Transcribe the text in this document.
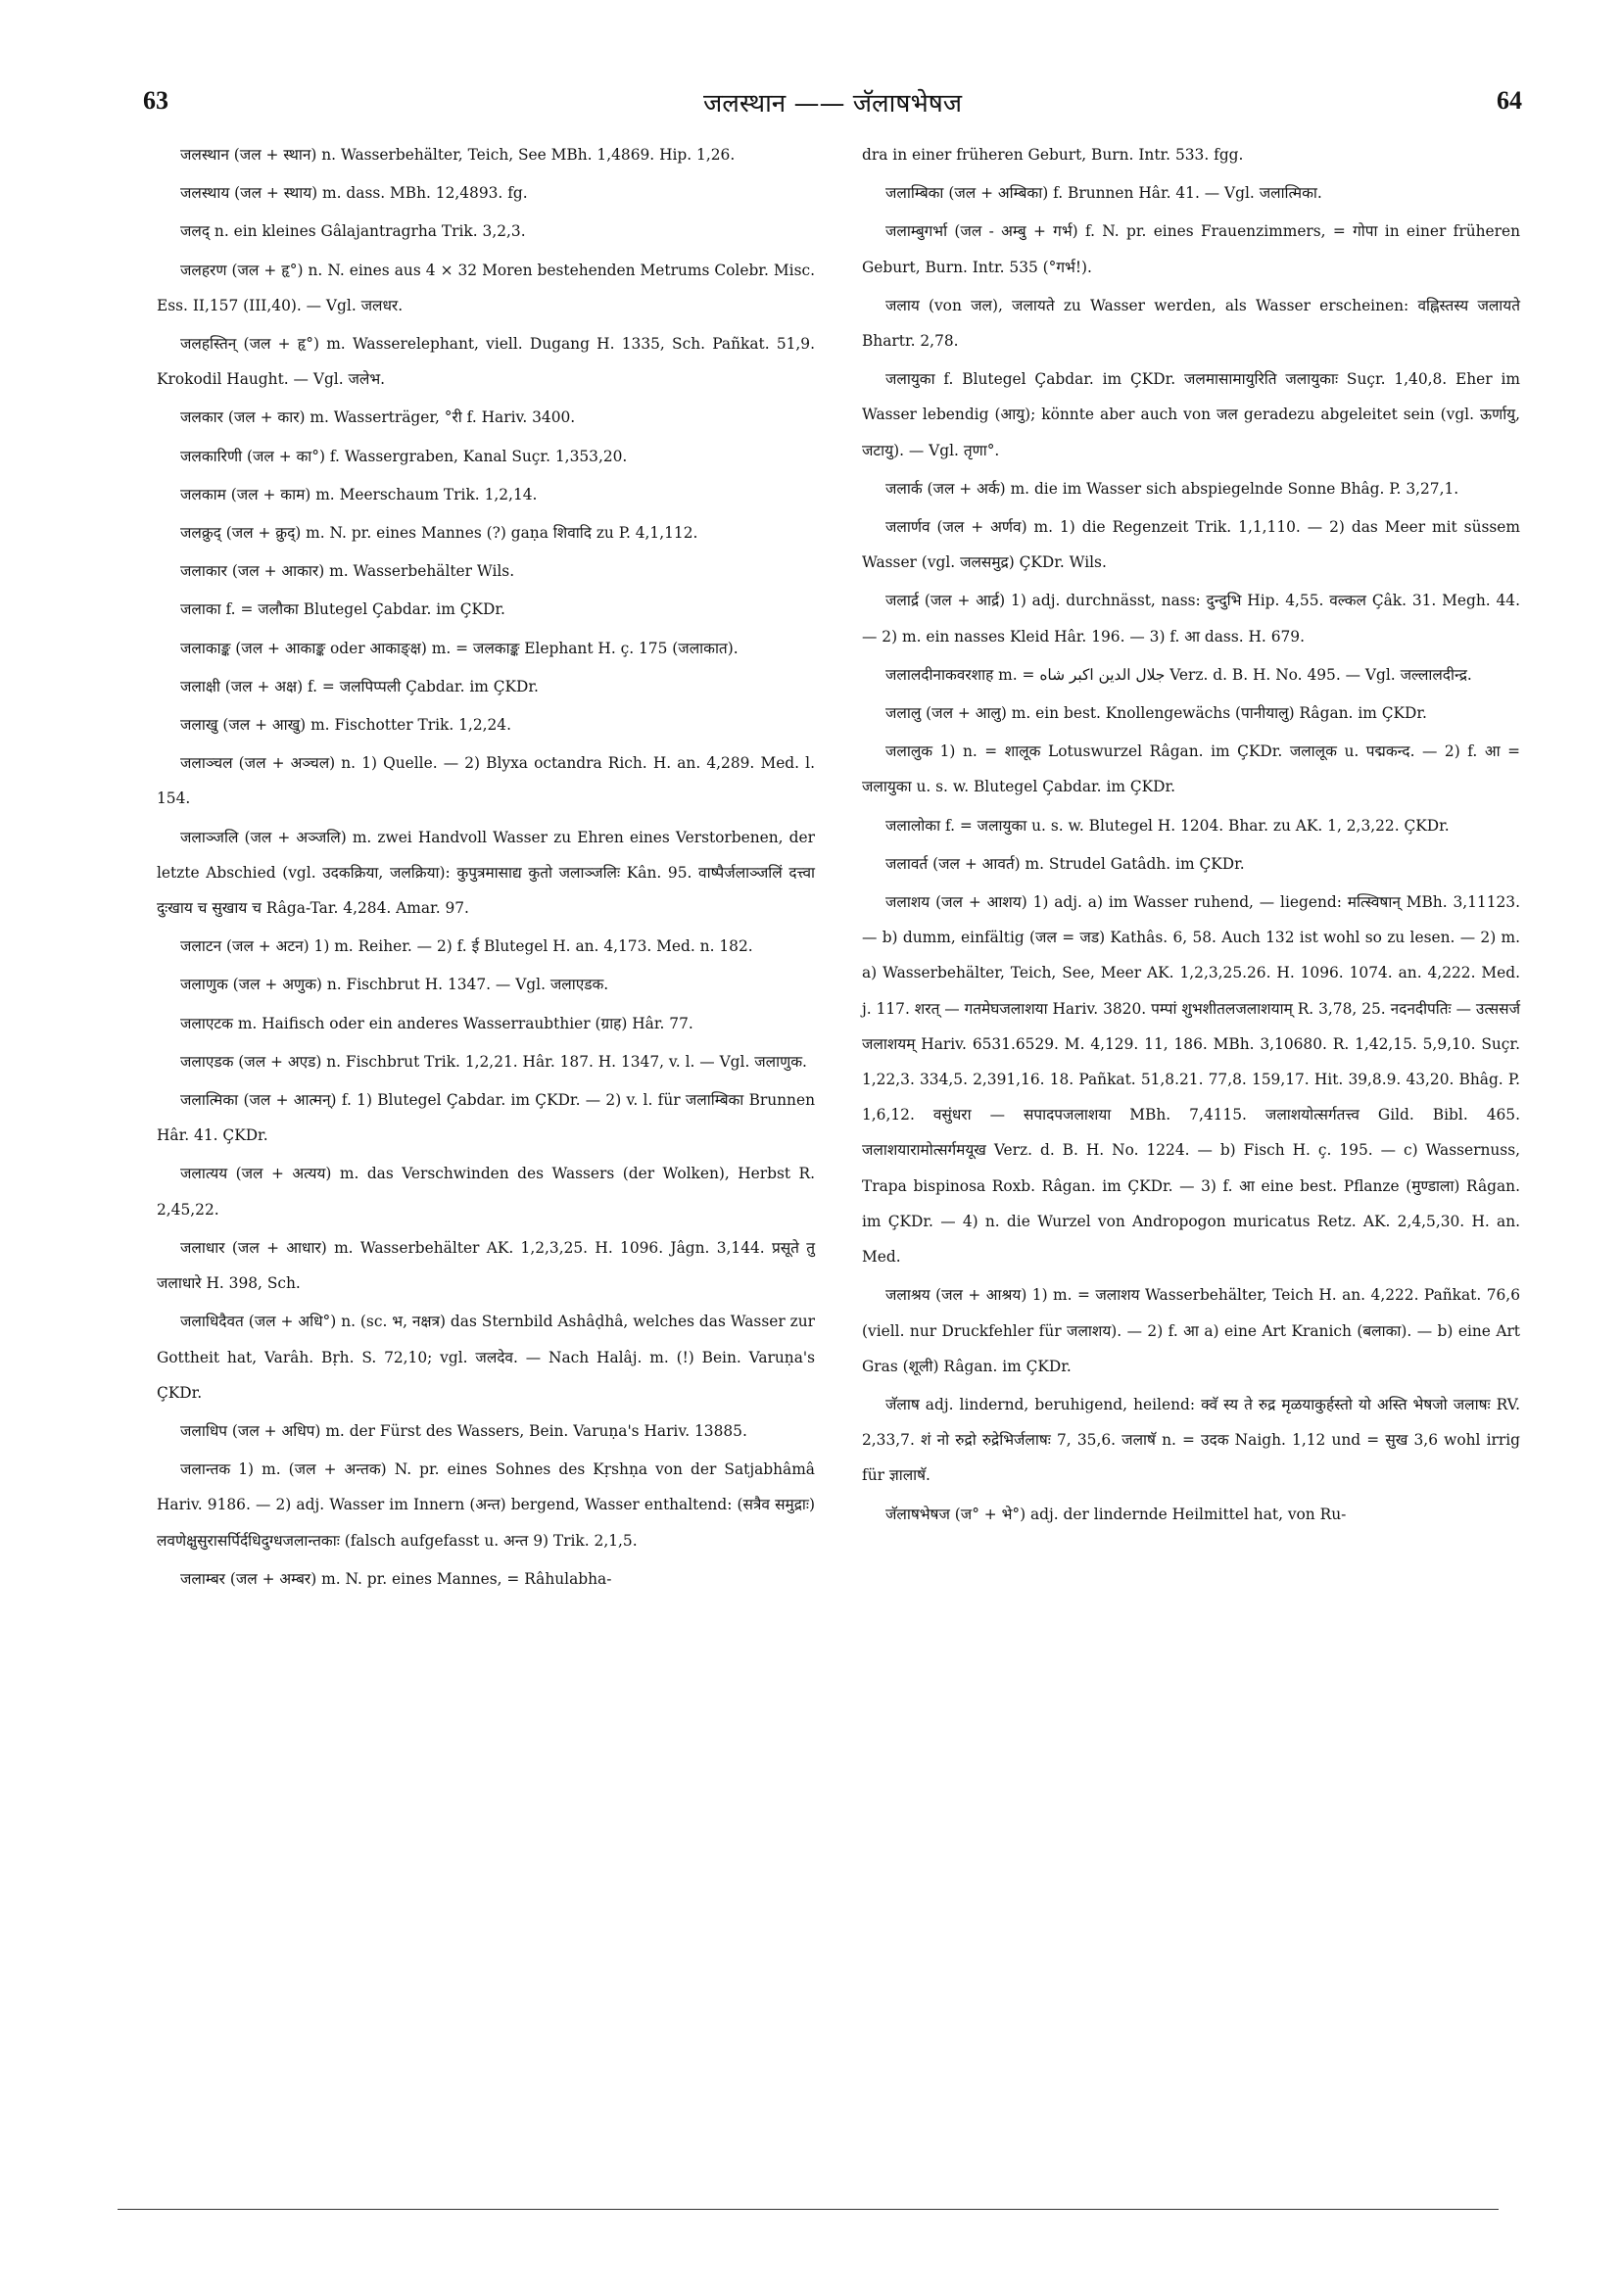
63	जलस्थान —— जॅलाषभेषज	64

जलस्थान (जल + स्थान) n. Wasserbehälter, Teich, See MBh. 1,4869. Hip. 1,26.

जलस्थाय (जल + स्थाय) m. dass. MBh. 12,4893. fg.

जलद् n. ein kleines Gâlajantragrha Trik. 3,2,3.

जलहरण (जल + हृ°) n. N. eines aus 4 × 32 Moren bestehenden Metrums Colebr. Misc. Ess. II,157 (III,40). — Vgl. जलधर.

जलहस्तिन् (जल + हृ°) m. Wasserelephant, viell. Dugang H. 1335, Sch. Pañkat. 51,9. Krokodil Haught. — Vgl. जलेभ.

जलकार (जल + कार) m. Wasserträger, °री f. Hariv. 3400.

जलकारिणी (जल + का°) f. Wassergraben, Kanal Suçr. 1,353,20.

जलकाम (जल + काम) m. Meerschaum Trik. 1,2,14.

जलक्रुद् (जल + क्रुद्) m. N. pr. eines Mannes (?) gaṇa शिवादि zu P. 4,1,112.

जलाकार (जल + आकार) m. Wasserbehälter Wils.

जलाका f. = जलौका Blutegel Çabdar. im ÇKDr.

जलाकाङ्क (जल + आकाङ्क oder आकाङ्क्ष) m. = जलकाङ्क Elephant H. ç. 175 (जलाकात).

जलाक्षी (जल + अक्ष) f. = जलपिप्पली Çabdar. im ÇKDr.

जलाखु (जल + आखु) m. Fischotter Trik. 1,2,24.

जलाञ्चल (जल + अञ्चल) n. 1) Quelle. — 2) Blyxa octandra Rich. H. an. 4,289. Med. l. 154.

जलाञ्जलि (जल + अञ्जलि) m. zwei Handvoll Wasser zu Ehren eines Verstorbenen, der letzte Abschied (vgl. उदकक्रिया, जलक्रिया): कुपुत्रमासाद्य कुतो जलाञ्जलिः Kân. 95. वाष्पैर्जलाञ्जलिं दत्त्वा दुःखाय च सुखाय च Râga-Tar. 4,284. Amar. 97.

जलाटन (जल + अटन) 1) m. Reiher. — 2) f. ई Blutegel H. an. 4,173. Med. n. 182.

जलाणुक (जल + अणुक) n. Fischbrut H. 1347. — Vgl. जलाएडक.

जलाएटक m. Haifisch oder ein anderes Wasserraubthier (ग्राह) Hâr. 77.

जलाएडक (जल + अएड) n. Fischbrut Trik. 1,2,21. Hâr. 187. H. 1347, v. l. — Vgl. जलाणुक.

जलात्मिका (जल + आत्मन्) f. 1) Blutegel Çabdar. im ÇKDr. — 2) v. l. für जलाम्बिका Brunnen Hâr. 41. ÇKDr.

जलात्यय (जल + अत्यय) m. das Verschwinden des Wassers (der Wolken), Herbst R. 2,45,22.

जलाधार (जल + आधार) m. Wasserbehälter AK. 1,2,3,25. H. 1096. Jâgn. 3,144. प्रसूते तु जलाधारे H. 398, Sch.

जलाधिदैवत (जल + अधि°) n. (sc. भ, नक्षत्र) das Sternbild Ashâḍhâ, welches das Wasser zur Gottheit hat, Varâh. Bṛh. S. 72,10; vgl. जलदेव. — Nach Halâj. m. (!) Bein. Varuṇa's ÇKDr.

जलाधिप (जल + अधिप) m. der Fürst des Wassers, Bein. Varuṇa's Hariv. 13885.

जलान्तक 1) m. (जल + अन्तक) N. pr. eines Sohnes des Kṛshṇa von der Satjabhâmâ Hariv. 9186. — 2) adj. Wasser im Innern (अन्त) bergend, Wasser enthaltend: (सत्रैव समुद्राः) लवणेक्षुसुरासर्पिर्दधिदुग्धजलान्तकाः (falsch aufgefasst u. अन्त 9) Trik. 2,1,5.

जलाम्बर (जल + अम्बर) m. N. pr. eines Mannes, = Râhulabha-

dra in einer früheren Geburt, Burn. Intr. 533. fgg.

जलाम्बिका (जल + अम्बिका) f. Brunnen Hâr. 41. — Vgl. जलात्मिका.

जलाम्बुगर्भा (जल - अम्बु + गर्भ) f. N. pr. eines Frauenzimmers, = गोपा in einer früheren Geburt, Burn. Intr. 535 (°गर्भ!).

जलाय (von जल), जलायते zu Wasser werden, als Wasser erscheinen: वह्निस्तस्य जलायते Bhartr. 2,78.

जलायुका f. Blutegel Çabdar. im ÇKDr. जलमासामायुरिति जलायुकाः Suçr. 1,40,8. Eher im Wasser lebendig (आयु); könnte aber auch von जल geradezu abgeleitet sein (vgl. ऊर्णायु, जटायु). — Vgl. तृणा°.

जलार्क (जल + अर्क) m. die im Wasser sich abspiegelnde Sonne Bhâg. P. 3,27,1.

जलार्णव (जल + अर्णव) m. 1) die Regenzeit Trik. 1,1,110. — 2) das Meer mit süssem Wasser (vgl. जलसमुद्र) ÇKDr. Wils.

जलार्द्र (जल + आर्द्र) 1) adj. durchnässt, nass: दुन्दुभि Hip. 4,55. वल्कल Çâk. 31. Megh. 44. — 2) m. ein nasses Kleid Hâr. 196. — 3) f. आ dass. H. 679.

जलालदीनाकवरशाह m. = جلال الدین اکبر شاه Verz. d. B. H. No. 495. — Vgl. जल्लालदीन्द्र.

जलालु (जल + आलु) m. ein best. Knollengewächs (पानीयालु) Râgan. im ÇKDr.

जलालुक 1) n. = शालूक Lotuswurzel Râgan. im ÇKDr. जलालूक u. पद्मकन्द. — 2) f. आ = जलायुका u. s. w. Blutegel Çabdar. im ÇKDr.

जलालोका f. = जलायुका u. s. w. Blutegel H. 1204. Bhar. zu AK. 1, 2,3,22. ÇKDr.

जलावर्त (जल + आवर्त) m. Strudel Gatâdh. im ÇKDr.

जलाशय (जल + आशय) 1) adj. a) im Wasser ruhend, — liegend: मत्स्विषान् MBh. 3,11123. — b) dumm, einfältig (जल = जड) Kathâs. 6, 58. Auch 132 ist wohl so zu lesen. — 2) m. a) Wasserbehälter, Teich, See, Meer AK. 1,2,3,25.26. H. 1096. 1074. an. 4,222. Med. j. 117. शरत् — गतमेघजलाशया Hariv. 3820. पम्पां शुभशीतलजलाशयाम् R. 3,78, 25. नदनदीपतिः — उत्ससर्ज जलाशयम् Hariv. 6531.6529. M. 4,129. 11, 186. MBh. 3,10680. R. 1,42,15. 5,9,10. Suçr. 1,22,3. 334,5. 2,391,16. 18. Pañkat. 51,8.21. 77,8. 159,17. Hit. 39,8.9. 43,20. Bhâg. P. 1,6,12. वसुंधरा — सपादपजलाशया MBh. 7,4115. जलाशयोत्सर्गतत्त्व Gild. Bibl. 465. जलाशयारामोत्सर्गमयूख Verz. d. B. H. No. 1224. — b) Fisch H. ç. 195. — c) Wassernuss, Trapa bispinosa Roxb. Râgan. im ÇKDr. — 3) f. आ eine best. Pflanze (मुण्डाला) Râgan. im ÇKDr. — 4) n. die Wurzel von Andropogon muricatus Retz. AK. 2,4,5,30. H. an. Med.

जलाश्रय (जल + आश्रय) 1) m. = जलाशय Wasserbehälter, Teich H. an. 4,222. Pañkat. 76,6 (viell. nur Druckfehler für जलाशय). — 2) f. आ a) eine Art Kranich (बलाका). — b) eine Art Gras (शूली) Râgan. im ÇKDr.

जॅलाष adj. lindernd, beruhigend, heilend: क्वॅ स्य ते रुद्र मृळयाकुर्हस्तो यो अस्ति भेषजो जलाषः RV. 2,33,7. शं नो रुद्रो रुद्रेभिर्जलाषः 7, 35,6. जलाषॅ n. = उदक Naigh. 1,12 und = सुख 3,6 wohl irrig für ज्ञालाषॅ.

जॅलाषभेषज (ज° + भे°) adj. der lindernde Heilmittel hat, von Ru-
